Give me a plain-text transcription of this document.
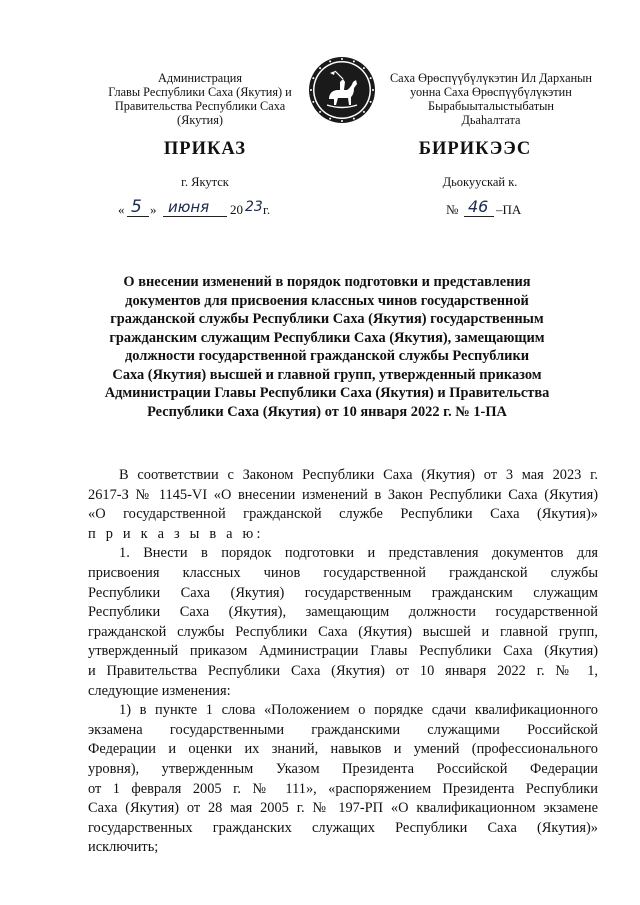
Администрация
Главы Республики Саха (Якутия) и
Правительства Республики Саха
(Якутия)
Саха Өрөспүүбүлүкэтин Ил Дарханын
уонна Саха Өрөспүүбүлүкэтин
Бырабыыталыстыбатын
Дьаһалтата
ПРИКАЗ	БИРИКЭЭС
г. Якутск	Дьокуускай к.
« 5 » июня 20 23 г.	№ 46 –ПА
О внесении изменений в порядок подготовки и представления
документов для присвоения классных чинов государственной
гражданской службы Республики Саха (Якутия) государственным
гражданским служащим Республики Саха (Якутия), замещающим
должности государственной гражданской службы Республики
Саха (Якутия) высшей и главной групп, утвержденный приказом
Администрации Главы Республики Саха (Якутия) и Правительства
Республики Саха (Якутия) от 10 января 2022 г. № 1-ПА
В соответствии с Законом Республики Саха (Якутия) от 3 мая 2023 г.
2617-З № 1145-VI «О внесении изменений в Закон Республики Саха (Якутия)
«О государственной гражданской службе Республики Саха (Якутия)»
п р и к а з ы в а ю:
1. Внести в порядок подготовки и представления документов для
присвоения классных чинов государственной гражданской службы
Республики Саха (Якутия) государственным гражданским служащим
Республики Саха (Якутия), замещающим должности государственной
гражданской службы Республики Саха (Якутия) высшей и главной групп,
утвержденный приказом Администрации Главы Республики Саха (Якутия)
и Правительства Республики Саха (Якутия) от 10 января 2022 г. № 1,
следующие изменения:
1) в пункте 1 слова «Положением о порядке сдачи квалификационного
экзамена государственными гражданскими служащими Российской
Федерации и оценки их знаний, навыков и умений (профессионального
уровня), утвержденным Указом Президента Российской Федерации
от 1 февраля 2005 г. № 111», «распоряжением Президента Республики
Саха (Якутия) от 28 мая 2005 г. № 197-РП «О квалификационном экзамене
государственных гражданских служащих Республики Саха (Якутия)»
исключить;
